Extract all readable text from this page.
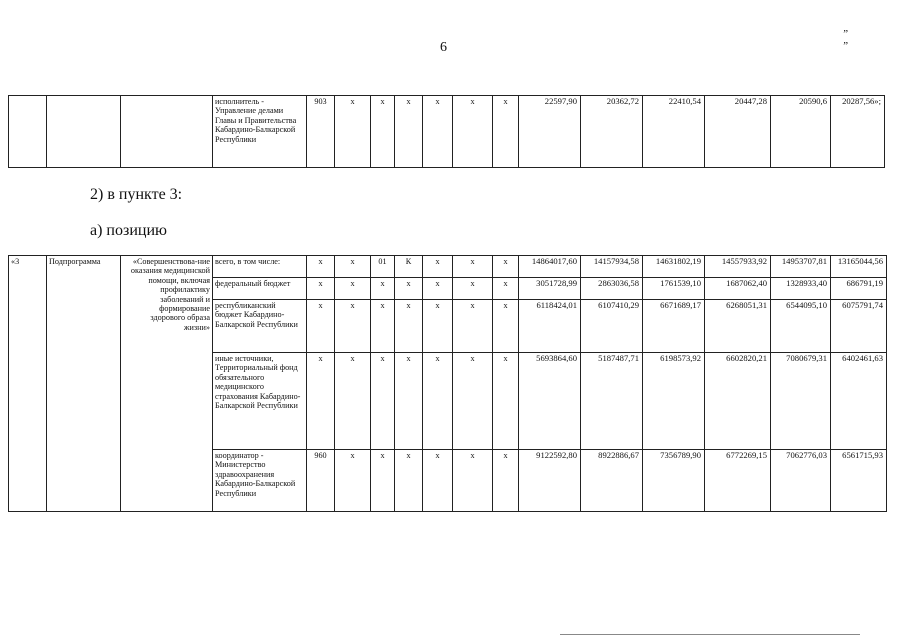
6
” ”
			исполнитель - Управление делами Главы и Правительства Кабардино-Балкарской Республики	903	x	x	x	x	x	x	22597,90	20362,72	22410,54	20447,28	20590,6	20287,56»;
2) в пункте 3:
а) позицию
«3	Подпрограмма	«Совершенствова-ние оказания медицинской помощи, включая профилактику заболеваний и формирование здорового образа жизни»	всего, в том числе:	x	x	01	К	x	x	x	14864017,60	14157934,58	14631802,19	14557933,92	14953707,81	13165044,56
			федеральный бюджет	x	x	x	x	x	x	x	3051728,99	2863036,58	1761539,10	1687062,40	1328933,40	686791,19
			республиканский бюджет Кабардино-Балкарской Республики	x	x	x	x	x	x	x	6118424,01	6107410,29	6671689,17	6268051,31	6544095,10	6075791,74
			иные источники, Территориальный фонд обязательного медицинского страхования Кабардино-Балкарской Республики	x	x	x	x	x	x	x	5693864,60	5187487,71	6198573,92	6602820,21	7080679,31	6402461,63
			координатор - Министерство здравоохранения Кабардино-Балкарской Республики	960	x	x	x	x	x	x	9122592,80	8922886,67	7356789,90	6772269,15	7062776,03	6561715,93
